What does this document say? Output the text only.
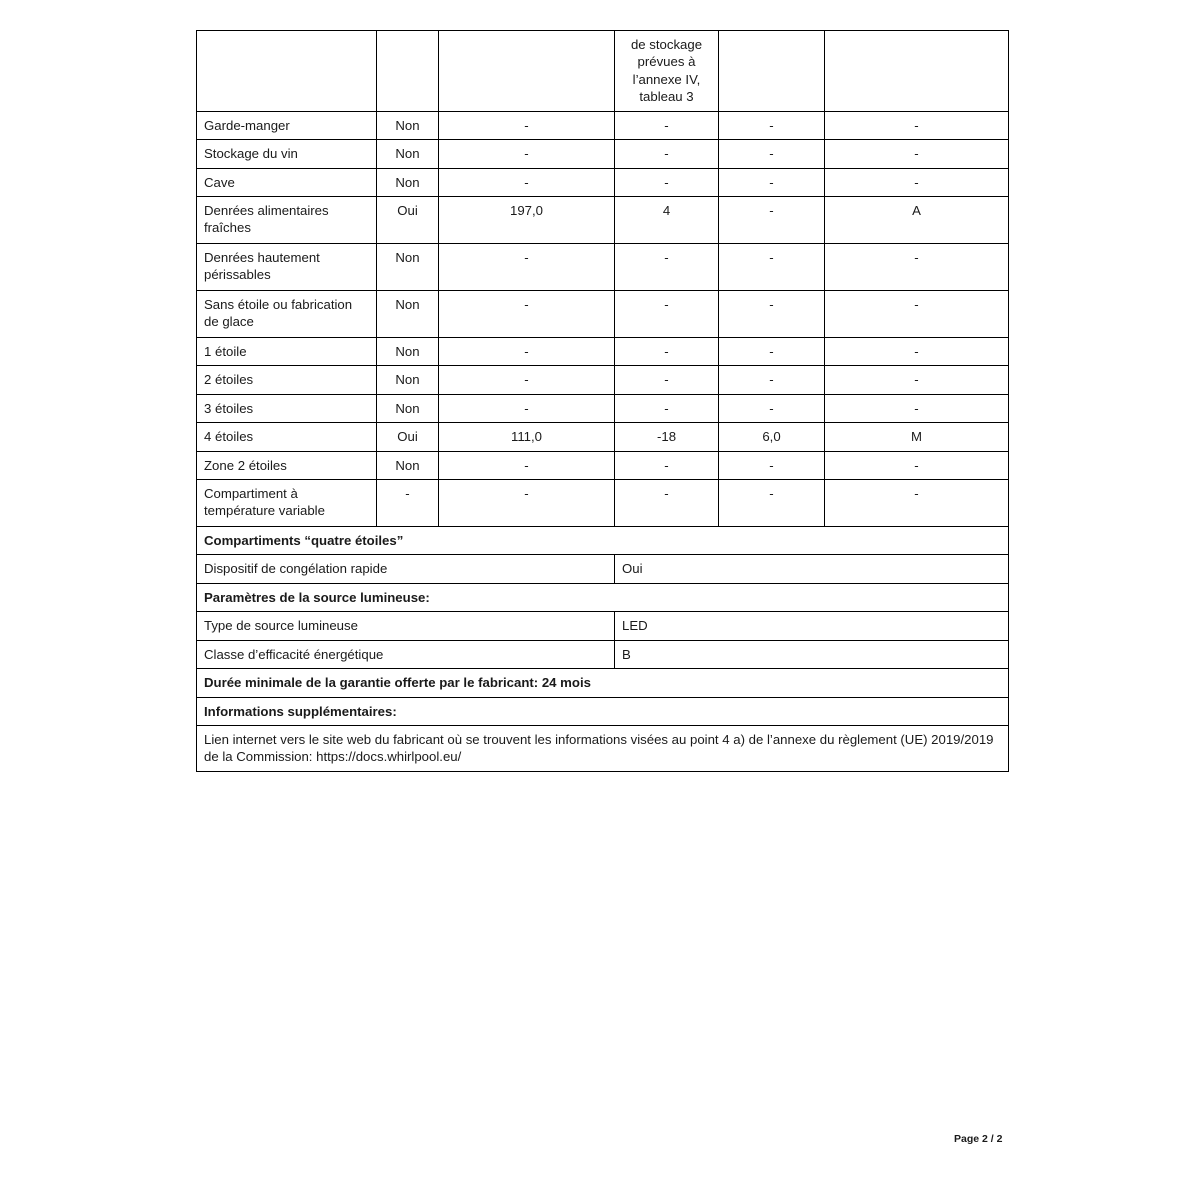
			de stockage prévues à l’annexe IV, tableau 3		
Garde-manger	Non	-	-	-	-
Stockage du vin	Non	-	-	-	-
Cave	Non	-	-	-	-
Denrées alimentaires fraîches	Oui	197,0	4	-	A
Denrées hautement périssables	Non	-	-	-	-
Sans étoile ou fabrication de glace	Non	-	-	-	-
1 étoile	Non	-	-	-	-
2 étoiles	Non	-	-	-	-
3 étoiles	Non	-	-	-	-
4 étoiles	Oui	111,0	-18	6,0	M
Zone 2 étoiles	Non	-	-	-	-
Compartiment à température variable	-	-	-	-	-
Compartiments “quatre étoiles”					
Dispositif de congélation rapide			Oui		
Paramètres de la source lumineuse:					
Type de source lumineuse			LED		
Classe d’efficacité énergétique			B		
Durée minimale de la garantie offerte par le fabricant: 24 mois					
Informations supplémentaires:					
Lien internet vers le site web du fabricant où se trouvent les informations visées au point 4 a) de l’annexe du règlement (UE) 2019/2019 de la Commission: https://docs.whirlpool.eu/					
Page 2 / 2
